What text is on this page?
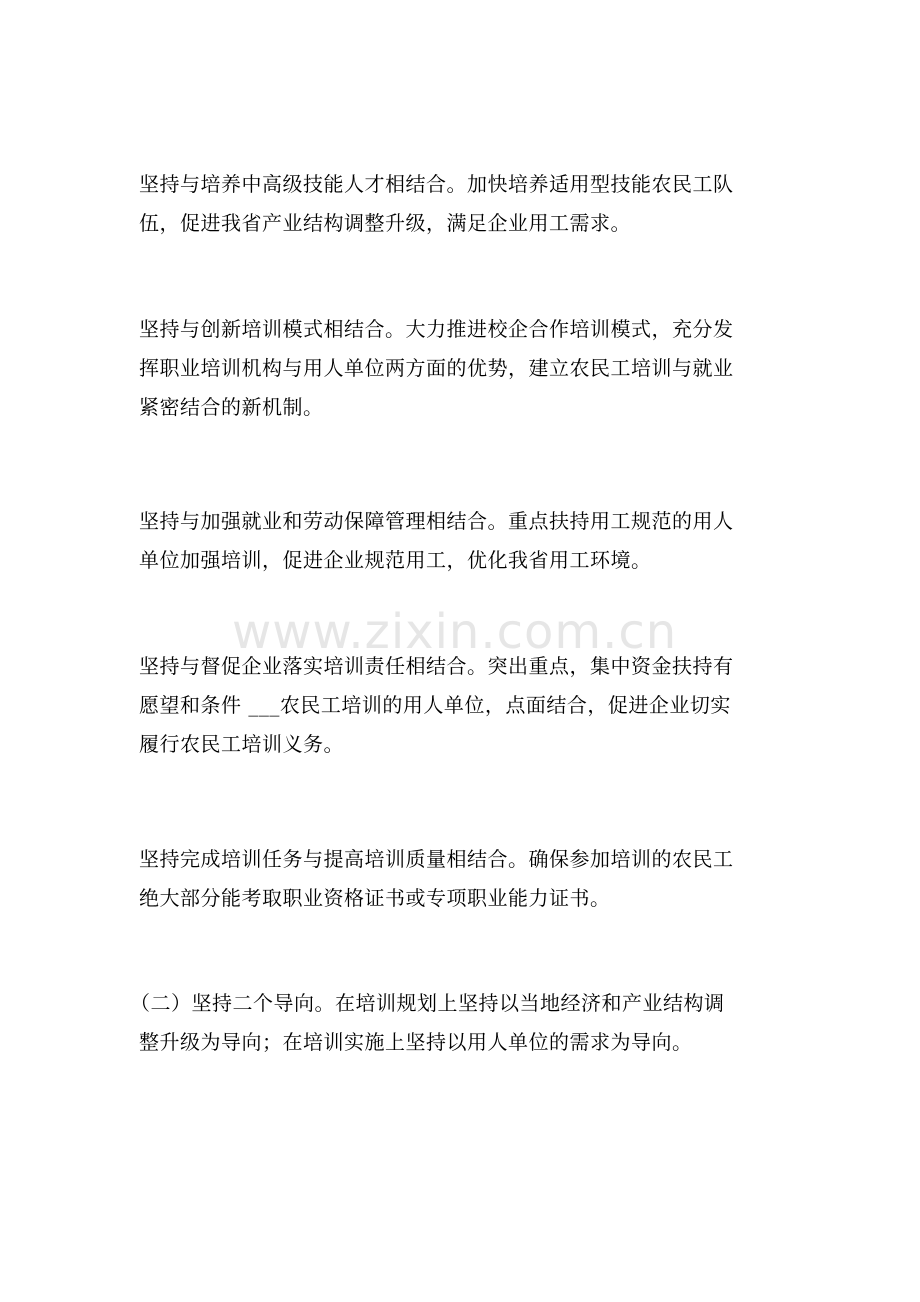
www.zixin.com.cn

坚持与培养中高级技能人才相结合。加快培养适用型技能农民工队
伍，促进我省产业结构调整升级，满足企业用工需求。

坚持与创新培训模式相结合。大力推进校企合作培训模式，充分发
挥职业培训机构与用人单位两方面的优势，建立农民工培训与就业
紧密结合的新机制。

坚持与加强就业和劳动保障管理相结合。重点扶持用工规范的用人
单位加强培训，促进企业规范用工，优化我省用工环境。

坚持与督促企业落实培训责任相结合。突出重点，集中资金扶持有
愿望和条件 ___农民工培训的用人单位，点面结合，促进企业切实
履行农民工培训义务。

坚持完成培训任务与提高培训质量相结合。确保参加培训的农民工
绝大部分能考取职业资格证书或专项职业能力证书。

（二）坚持二个导向。在培训规划上坚持以当地经济和产业结构调
整升级为导向；在培训实施上坚持以用人单位的需求为导向。
